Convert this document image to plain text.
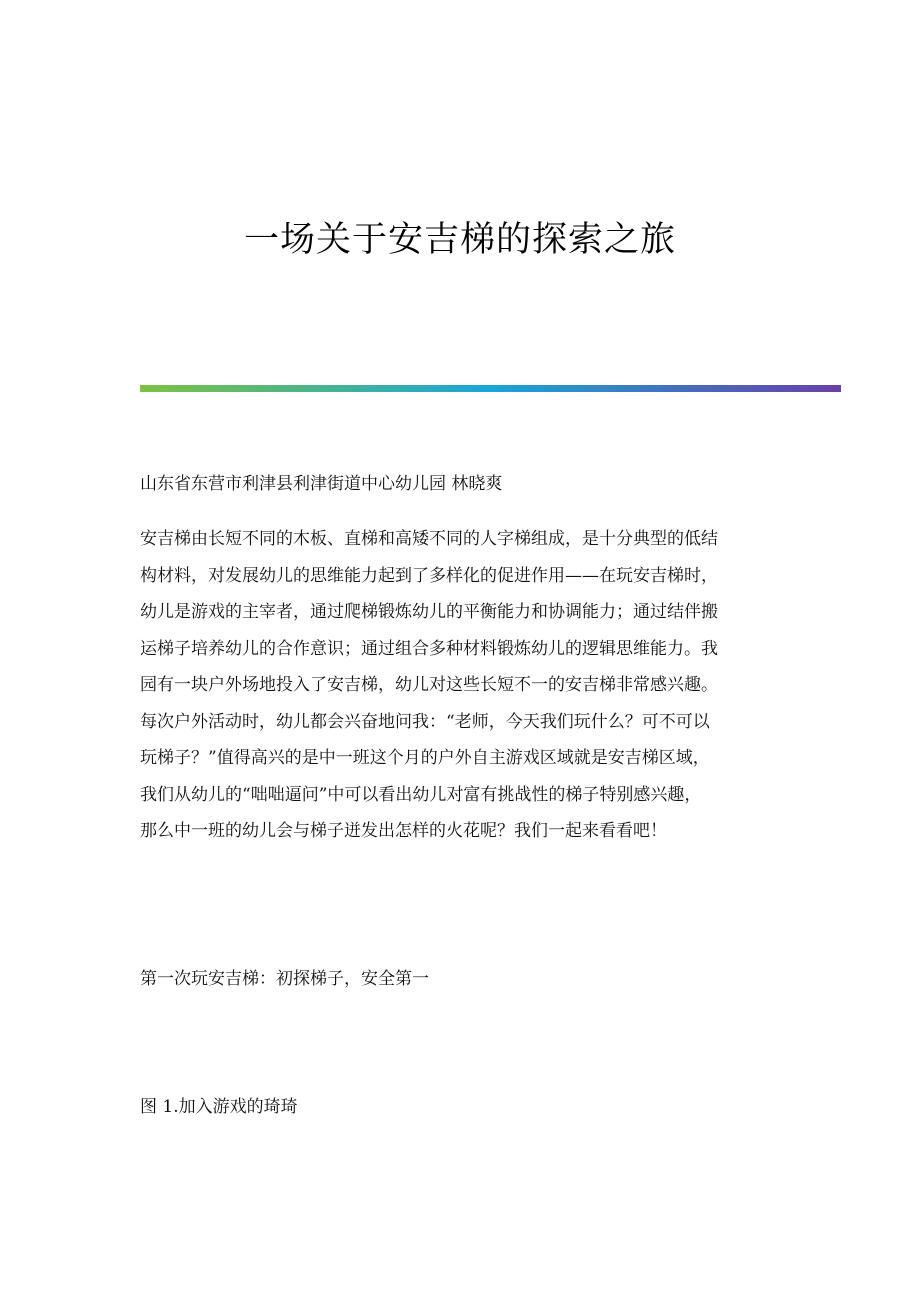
一场关于安吉梯的探索之旅

山东省东营市利津县利津街道中心幼儿园 林晓爽

安吉梯由长短不同的木板、直梯和高矮不同的人字梯组成，是十分典型的低结
构材料，对发展幼儿的思维能力起到了多样化的促进作用——在玩安吉梯时，
幼儿是游戏的主宰者，通过爬梯锻炼幼儿的平衡能力和协调能力；通过结伴搬
运梯子培养幼儿的合作意识；通过组合多种材料锻炼幼儿的逻辑思维能力。我
园有一块户外场地投入了安吉梯，幼儿对这些长短不一的安吉梯非常感兴趣。
每次户外活动时，幼儿都会兴奋地问我：“老师，今天我们玩什么？可不可以
玩梯子？”值得高兴的是中一班这个月的户外自主游戏区域就是安吉梯区域，
我们从幼儿的“咄咄逼问”中可以看出幼儿对富有挑战性的梯子特别感兴趣，
那么中一班的幼儿会与梯子迸发出怎样的火花呢？我们一起来看看吧！

第一次玩安吉梯：初探梯子，安全第一

图 1.加入游戏的琦琦
